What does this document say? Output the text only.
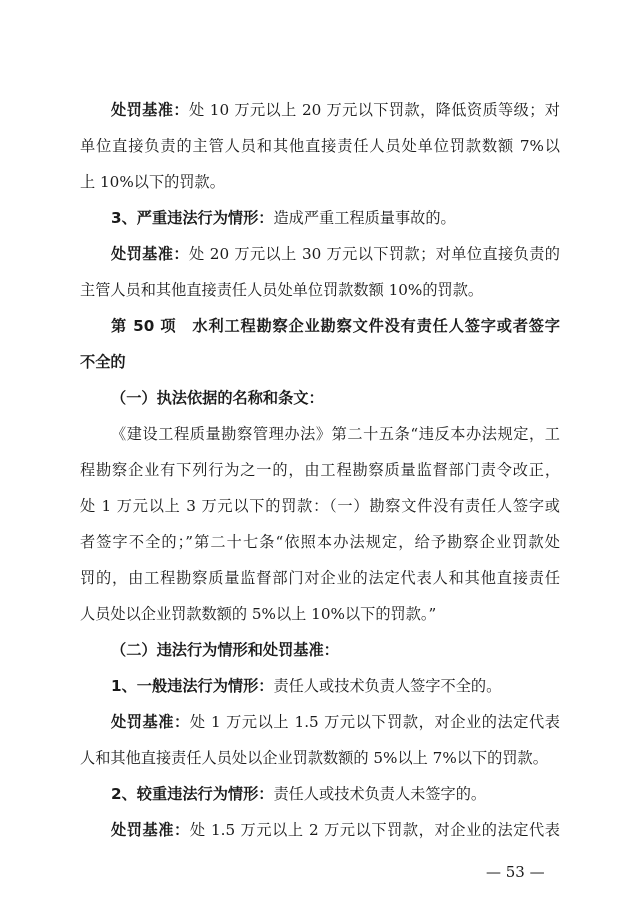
处罚基准：处 10 万元以上 20 万元以下罚款，降低资质等级；对
单位直接负责的主管人员和其他直接责任人员处单位罚款数额 7%以
上 10%以下的罚款。
3、严重违法行为情形：造成严重工程质量事故的。
处罚基准：处 20 万元以上 30 万元以下罚款；对单位直接负责的
主管人员和其他直接责任人员处单位罚款数额 10%的罚款。
第 50 项　水利工程勘察企业勘察文件没有责任人签字或者签字
不全的
（一）执法依据的名称和条文：
《建设工程质量勘察管理办法》第二十五条“违反本办法规定，工
程勘察企业有下列行为之一的，由工程勘察质量监督部门责令改正，
处 1 万元以上 3 万元以下的罚款：（一）勘察文件没有责任人签字或
者签字不全的；”第二十七条“依照本办法规定，给予勘察企业罚款处
罚的，由工程勘察质量监督部门对企业的法定代表人和其他直接责任
人员处以企业罚款数额的 5%以上 10%以下的罚款。”
（二）违法行为情形和处罚基准：
1、一般违法行为情形：责任人或技术负责人签字不全的。
处罚基准：处 1 万元以上 1.5 万元以下罚款，对企业的法定代表
人和其他直接责任人员处以企业罚款数额的 5%以上 7%以下的罚款。
2、较重违法行为情形：责任人或技术负责人未签字的。
处罚基准：处 1.5 万元以上 2 万元以下罚款，对企业的法定代表
— 53 —
